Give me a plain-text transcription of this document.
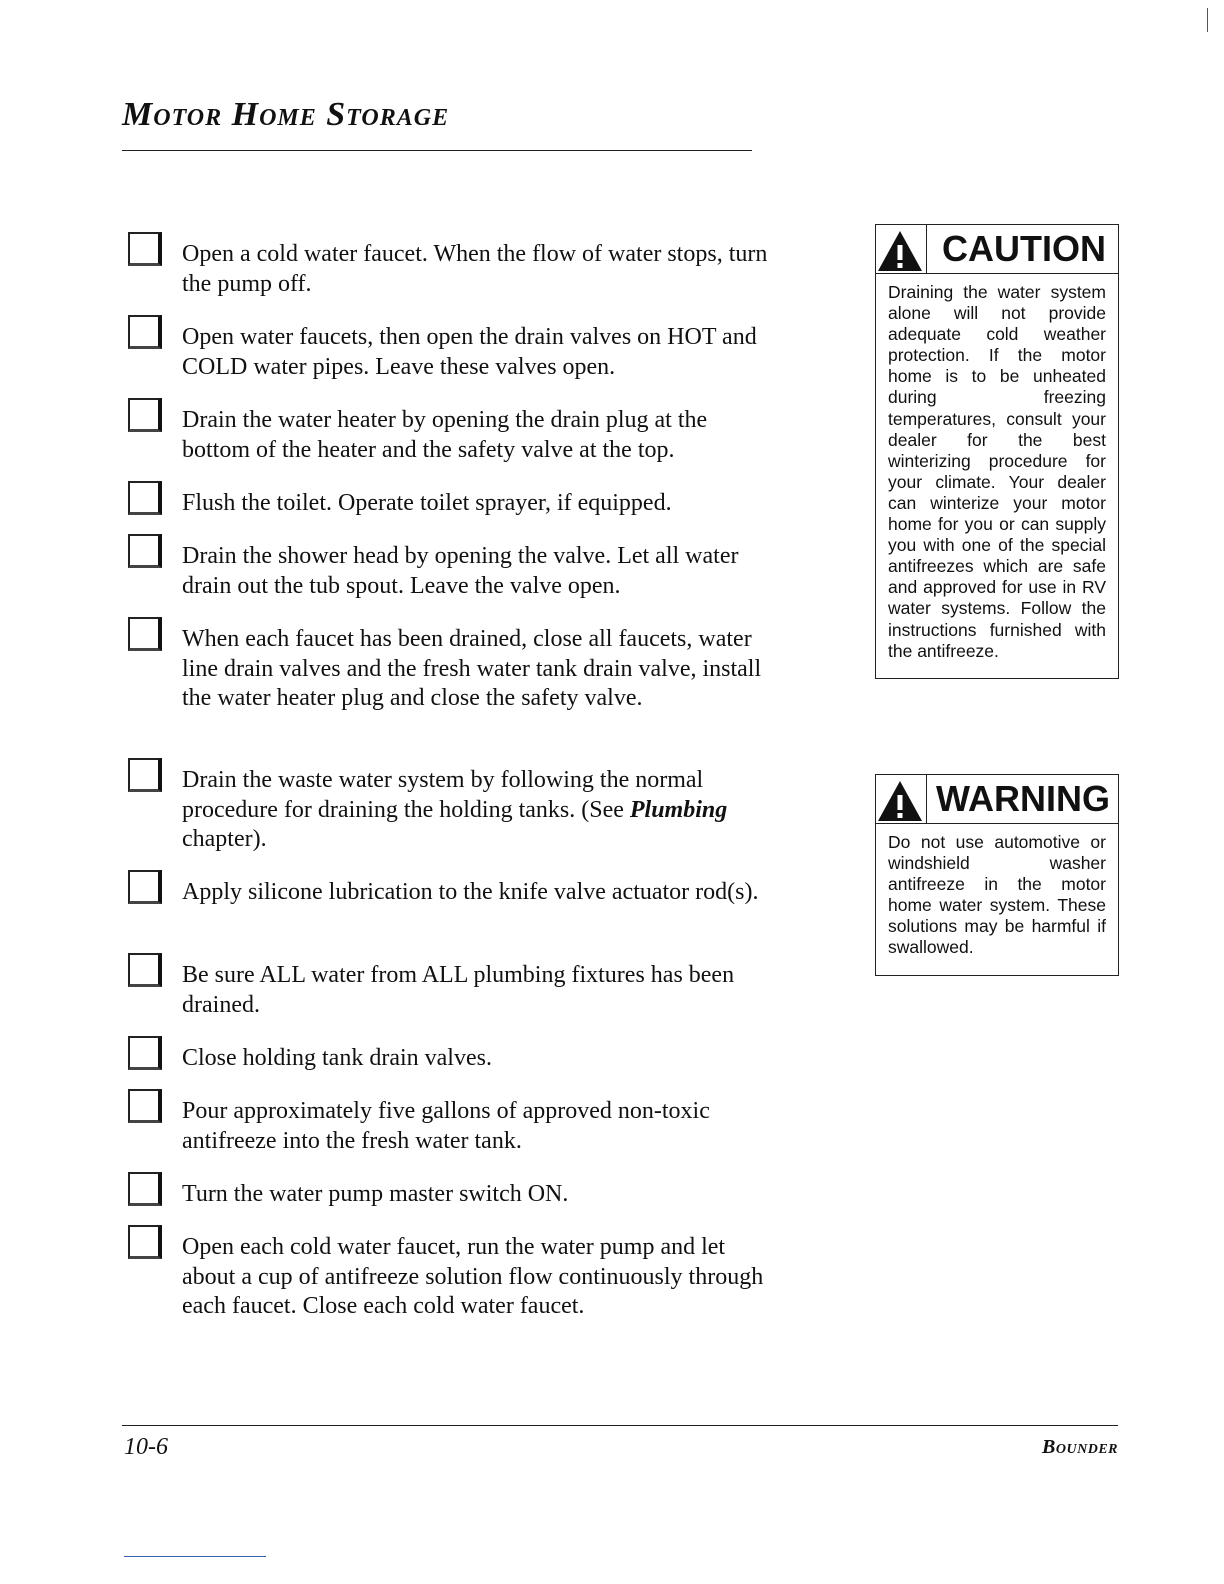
Motor Home Storage
Open a cold water faucet. When the flow of water stops, turn the pump off.
Open water faucets, then open the drain valves on HOT and COLD water pipes. Leave these valves open.
Drain the water heater by opening the drain plug at the bottom of the heater and the safety valve at the top.
Flush the toilet. Operate toilet sprayer, if equipped.
Drain the shower head by opening the valve. Let all water drain out the tub spout. Leave the valve open.
When each faucet has been drained, close all faucets, water line drain valves and the fresh water tank drain valve, install the water heater plug and close the safety valve.
Drain the waste water system by following the normal procedure for draining the holding tanks. (See Plumbing chapter).
Apply silicone lubrication to the knife valve actuator rod(s).
Be sure ALL water from ALL plumbing fixtures has been drained.
Close holding tank drain valves.
Pour approximately five gallons of approved non-toxic antifreeze into the fresh water tank.
Turn the water pump master switch ON.
Open each cold water faucet, run the water pump and let about a cup of antifreeze solution flow continuously through each faucet. Close each cold water faucet.
CAUTION
Draining the water system alone will not provide adequate cold weather protection. If the motor home is to be unheated during freezing temperatures, consult your dealer for the best winterizing procedure for your climate. Your dealer can winterize your motor home for you or can supply you with one of the special antifreezes which are safe and approved for use in RV water systems. Follow the instructions furnished with the antifreeze.
WARNING
Do not use automotive or windshield washer antifreeze in the motor home water system. These solutions may be harmful if swallowed.
10-6	Bounder
